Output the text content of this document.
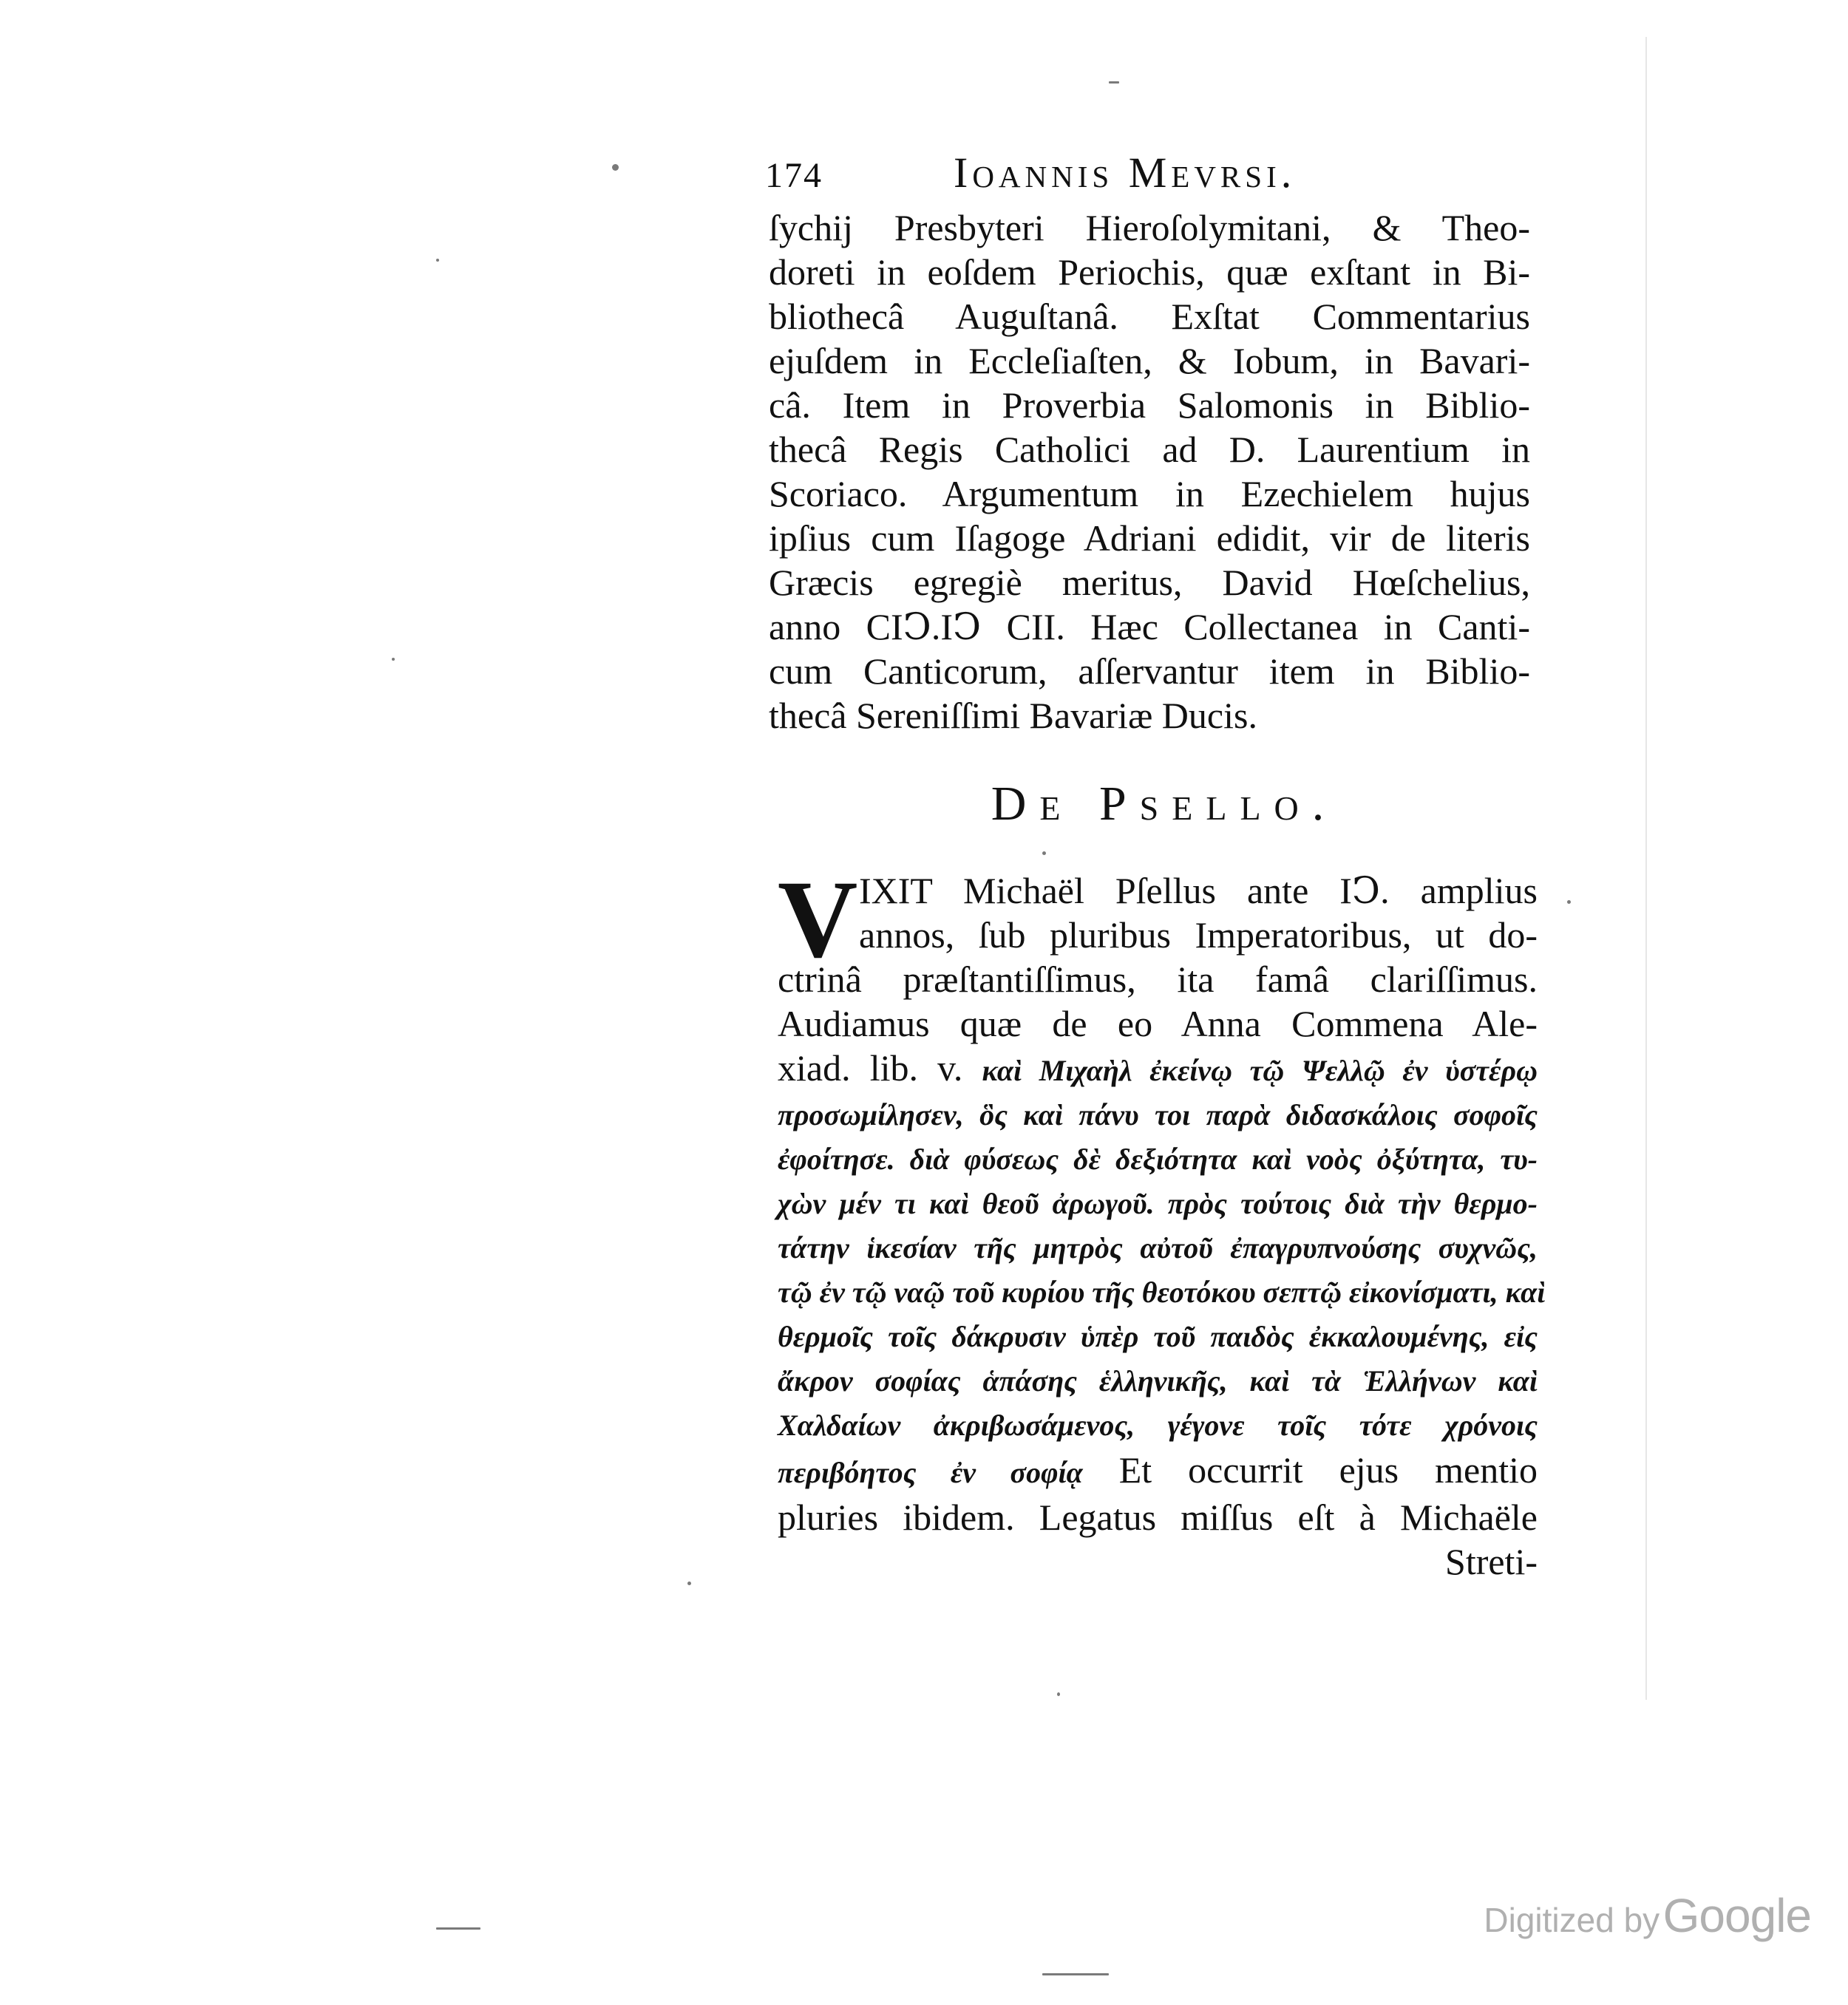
174	Ioannis Mevrsi.
ſychij Presbyteri Hieroſolymitani, & Theo-
doreti in eoſdem Periochis, quæ exſtant in Bi-
bliothecâ Auguſtanâ. Exſtat Commentarius
ejuſdem in Eccleſiaſten, & Iobum, in Bavari-
câ. Item in Proverbia Salomonis in Biblio-
thecâ Regis Catholici ad D. Laurentium in
Scoriaco. Argumentum in Ezechielem hujus
ipſius cum Iſagoge Adriani edidit, vir de literis
Græcis egregiè meritus, David Hœſchelius,
anno CIↃ.IↃ CII. Hæc Collectanea in Canti-
cum Canticorum, aſſervantur item in Biblio-
thecâ Sereniſſimi Bavariæ Ducis.
De Psello.
V IXIT Michaël Pſellus ante IↃ. amplius
annos, ſub pluribus Imperatoribus, ut do-
ctrinâ præſtantiſſimus, ita famâ clariſſimus.
Audiamus quæ de eo Anna Commena Ale-
xiad. lib. v. καὶ Μιχαὴλ ἐκείνῳ τῷ Ψελλῷ ἐν ὑστέρῳ
προσωμίλησεν, ὃς καὶ πάνυ τοι παρὰ διδασκάλοις σοφοῖς
ἐφοίτησε. διὰ φύσεως δὲ δεξιότητα καὶ νοὸς ὀξύτητα, τυ-
χὼν μέν τι καὶ θεοῦ ἀρωγοῦ. πρὸς τούτοις διὰ τὴν θερμο-
τάτην ἱκεσίαν τῆς μητρὸς αὐτοῦ ἐπαγρυπνούσης συχνῶς,
τῷ ἐν τῷ ναῷ τοῦ κυρίου τῆς θεοτόκου σεπτῷ εἰκονίσματι, καὶ
θερμοῖς τοῖς δάκρυσιν ὑπὲρ τοῦ παιδὸς ἐκκαλουμένης, εἰς
ἄκρον σοφίας ἁπάσης ἑλληνικῆς, καὶ τὰ Ἑλλήνων καὶ
Χαλδαίων ἀκριβωσάμενος, γέγονε τοῖς τότε χρόνοις
περιβόητος ἐν σοφίᾳ Et occurrit ejus mentio
pluries ibidem. Legatus miſſus eſt à Michaële
Streti-
Digitized by Google
